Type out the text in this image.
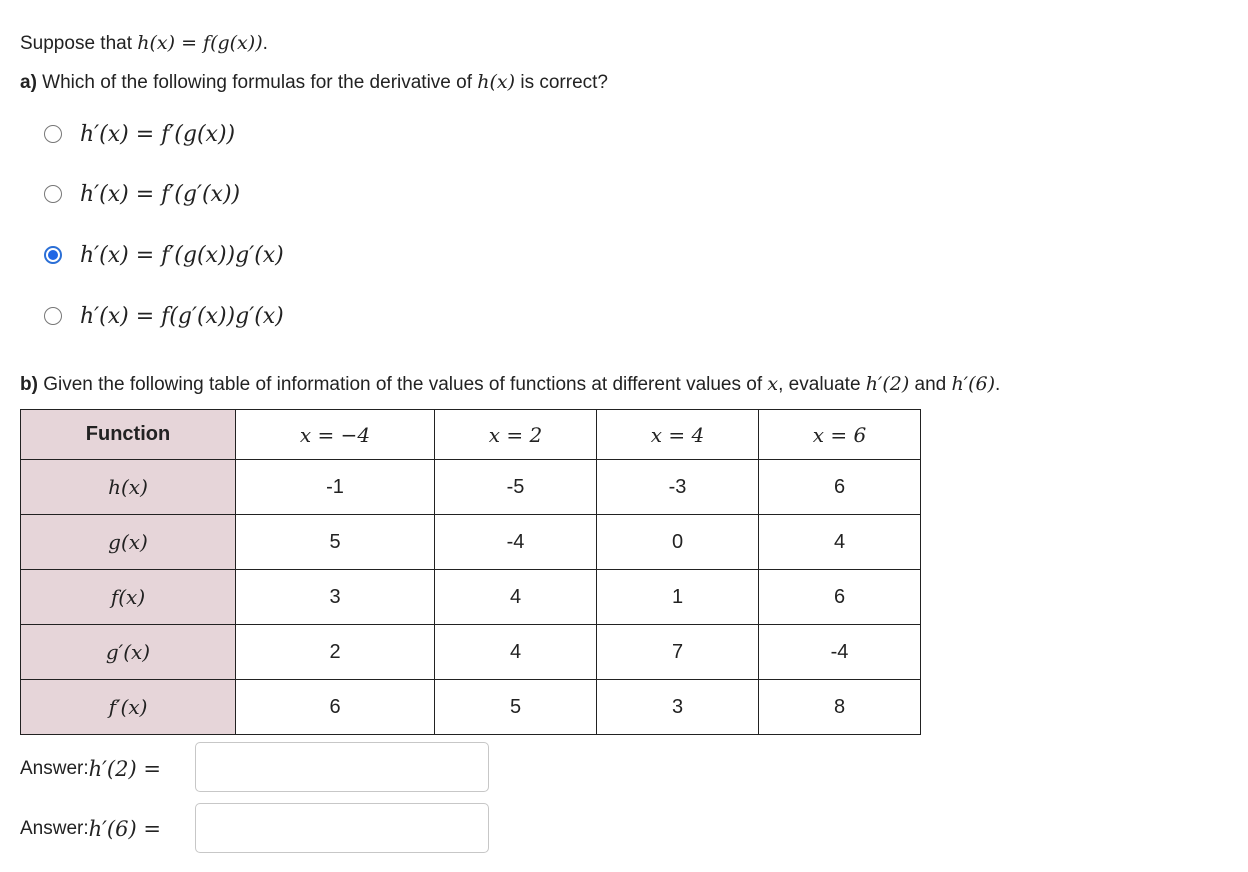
Suppose that h(x) = f(g(x)).
a) Which of the following formulas for the derivative of h(x) is correct?
h′(x) = f′(g(x))
h′(x) = f′(g′(x))
h′(x) = f′(g(x))g′(x)
h′(x) = f(g′(x))g′(x)
b) Given the following table of information of the values of functions at different values of x, evaluate h′(2) and h′(6).
Function	x = −4	x = 2	x = 4	x = 6
h(x)	-1	-5	-3	6
g(x)	5	-4	0	4
f(x)	3	4	1	6
g′(x)	2	4	7	-4
f′(x)	6	5	3	8
Answer: h′(2) =
Answer: h′(6) =
